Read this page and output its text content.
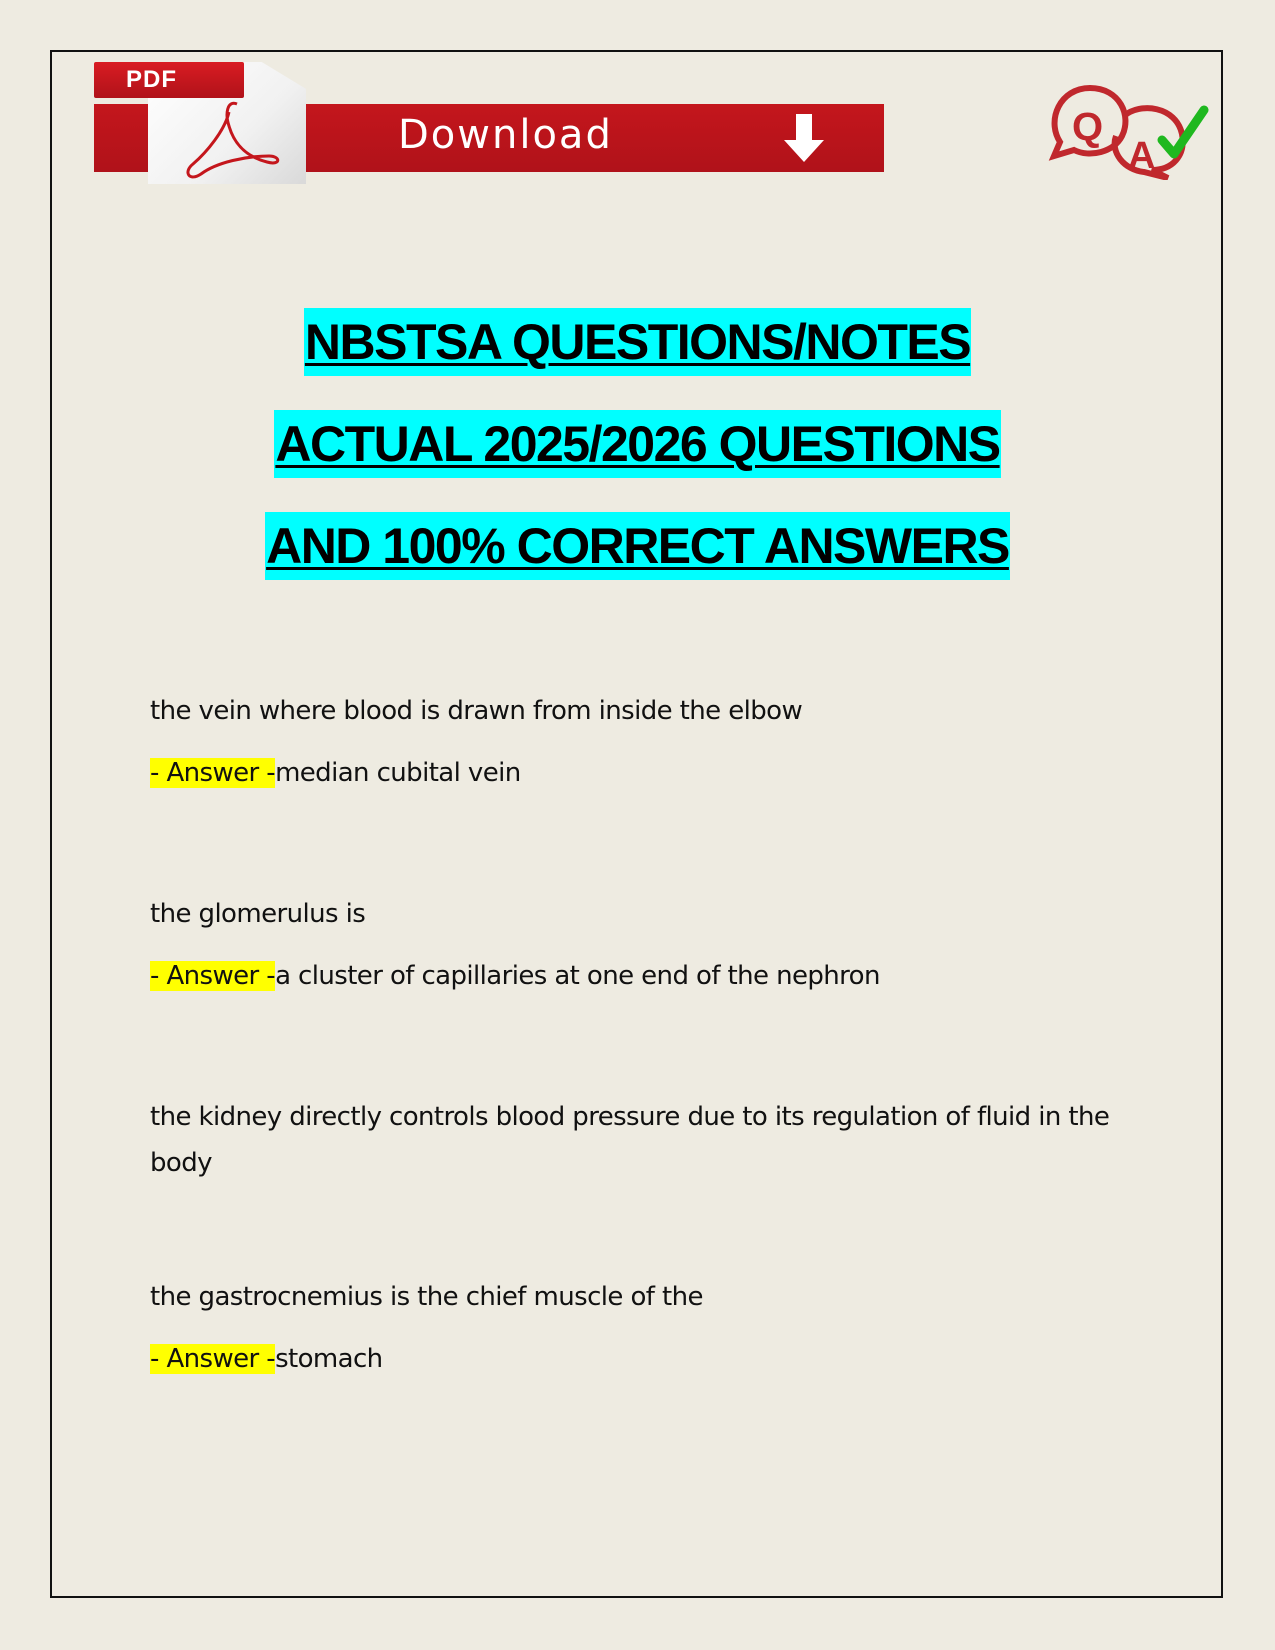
PDF
Download	Q
A
NBSTSA QUESTIONS/NOTES
ACTUAL 2025/2026 QUESTIONS
AND 100% CORRECT ANSWERS
the vein where blood is drawn from inside the elbow
- Answer -median cubital vein
the glomerulus is
- Answer -a cluster of capillaries at one end of the nephron
the kidney directly controls blood pressure due to its regulation of fluid in the body
the gastrocnemius is the chief muscle of the
- Answer -stomach
